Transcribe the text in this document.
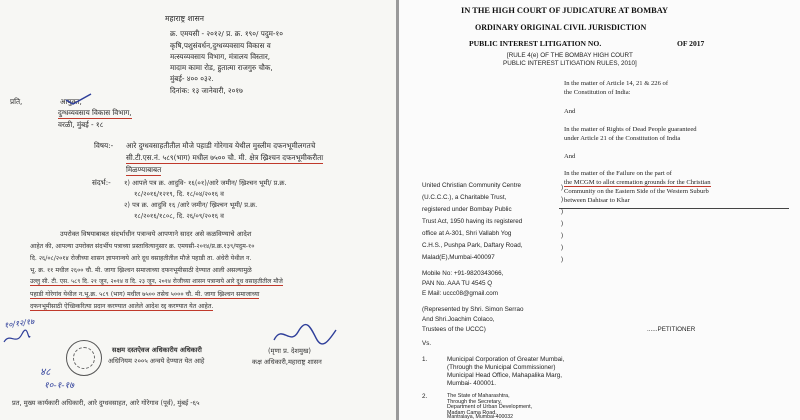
महाराष्ट्र शासन
क्र. एमयसी - २०१२/ प्र. क्र. १९०/ पदुम-१०
कृषि,पशुसंवर्धन,दुग्धव्यवसाय विकास व
मत्स्यव्यवसाय विभाग, मंत्रालय विस्तार,
मादाम कामा रोड, हुतात्मा राजगुरु चौक,
मुंबई- ४०० ०३२.
दिनांक: १३ जानेवारी, २०१७
प्रति,	आयुक्त,
दुग्धव्यवसाय विकास विभाग,
वरळी, मुंबई - १८
विषय:- आरे दुग्धवसाहतीतील मौजे पहाडी गोरेगाव येथील मुस्लीम दफनभूमीलगतचे
सी.टी.एस.नं. ५८९(भाग) मधील ७५०० चौ. मी. क्षेत्र ख्रिश्चन दफनभूमीकरीता
मिळण्याबाबत
संदर्भ:- १) आपले पत्र क्र. आदुवि- १६(०१)/आरे जमीन/ ख्रिश्चन भूमी/ प्र.क्र.
१८/२०१६/१२१९, दि. १८/०४/२०१६ व
२) पत्र क्र. आदुवि १६ /आरे जमीन/ ख्रिश्चन भूमी/ प्र.क्र.
१८/२०१६/१८०८, दि. २६/०९/२०१६ व
उपरोक्त विषयाबाबत संदर्भाधीन पत्रान्वये आपणाने सादर असे कळविण्याचे आदेश
आहेत की, आपल्या उपरोक्त संदर्भीय पत्राच्या प्रस्तावित्यानुसार क्र. एमयसी-२०१४/प्र.क्र.१३९/पदुम-१०
दि. २६/०८/२०१४ रोजीच्या शासन ज्ञापनान्वये आरे दूध वसाहतीतील मौजे पहाडी ता. अंधेरी येथील न.
भू. क्र. ११ मधील २६०० चौ. मी. जागा ख्रिश्चन समाजाच्या दफनभूमीसाठी देण्यात आली असल्यामुळे
उल्लु सी. टी. एस. ५८९ दि. २१ जून, २०१४ व दि. २३ जून, २०१४ रोजीच्या शासन पत्रान्वये आरे दूध वसाहतीतील मौजे
पहाडी गोरेगांव येथील न.भू.क्र. ५८९ (भाग) मधील ७५०० तसेच ५००० चौ. मी. जागा ख्रिश्चन समाजाच्या
दफनभूमीसाठी ऐच्छिकरित्या प्रदान करण्यात आलेले आदेश रद्द करण्यात येत आहेत.
१०/१२/१७
सक्षम दस्तऐवज अधिकारीय अधिकारी
अधिनियम २००५ अन्वये देण्यात येत आहे
(मृणा प्र. देशमुख)
कक्ष अधिकारी,महाराष्ट्र शासन
४८
१०-१-१७
प्रत, मुख्य कार्यकारी अधिकारी, आरे दुग्धवसाहत, आरे गोरेगाव (पूर्व), मुंबई -६५
IN THE HIGH COURT OF JUDICATURE AT BOMBAY
ORDINARY ORIGINAL CIVIL JURISDICTION
PUBLIC INTEREST LITIGATION NO.	OF 2017
[RULE 4(e) OF THE BOMBAY HIGH COURT
PUBLIC INTEREST LITIGATION RULES, 2010]
In the matter of Article 14, 21 & 226 of
the Constitution of India:
And
In the matter of Rights of Dead People guaranteed
under Article 21 of the Constitution of India
And
In the matter of the Failure on the part of
the MCGM to allot cremation grounds for the Christian
Community on the Eastern Side of the Western Suburb
between Dahisar to Khar
United Christian Community Centre
(U.C.C.C.), a Charitable Trust,
registered under Bombay Public
Trust Act, 1950 having its registered
office at A-301, Shri Vallabh Yog
C.H.S., Pushpa Park, Daftary Road,
Malad(E),Mumbai-400097
)
)
)
)
)
)
)
Mobile No: +91-9820343066,
PAN No. AAA TU 4545 Q
E Mail: uccc08@gmail.com
(Represented by Shri. Simon Serrao
And Shri.Joachim Colaco,
Trustees of the UCCC)	......PETITIONER
Vs.
1.	Municipal Corporation of Greater Mumbai,
(Through the Municipal Commissioner)
Municipal Head Office, Mahapalika Marg,
Mumbai- 400001.
2.	The State of Maharashtra,
Through the Secretary,
Department of Urban Development,
Madam Cama Road,
Mantralaya, Mumbai-400032
